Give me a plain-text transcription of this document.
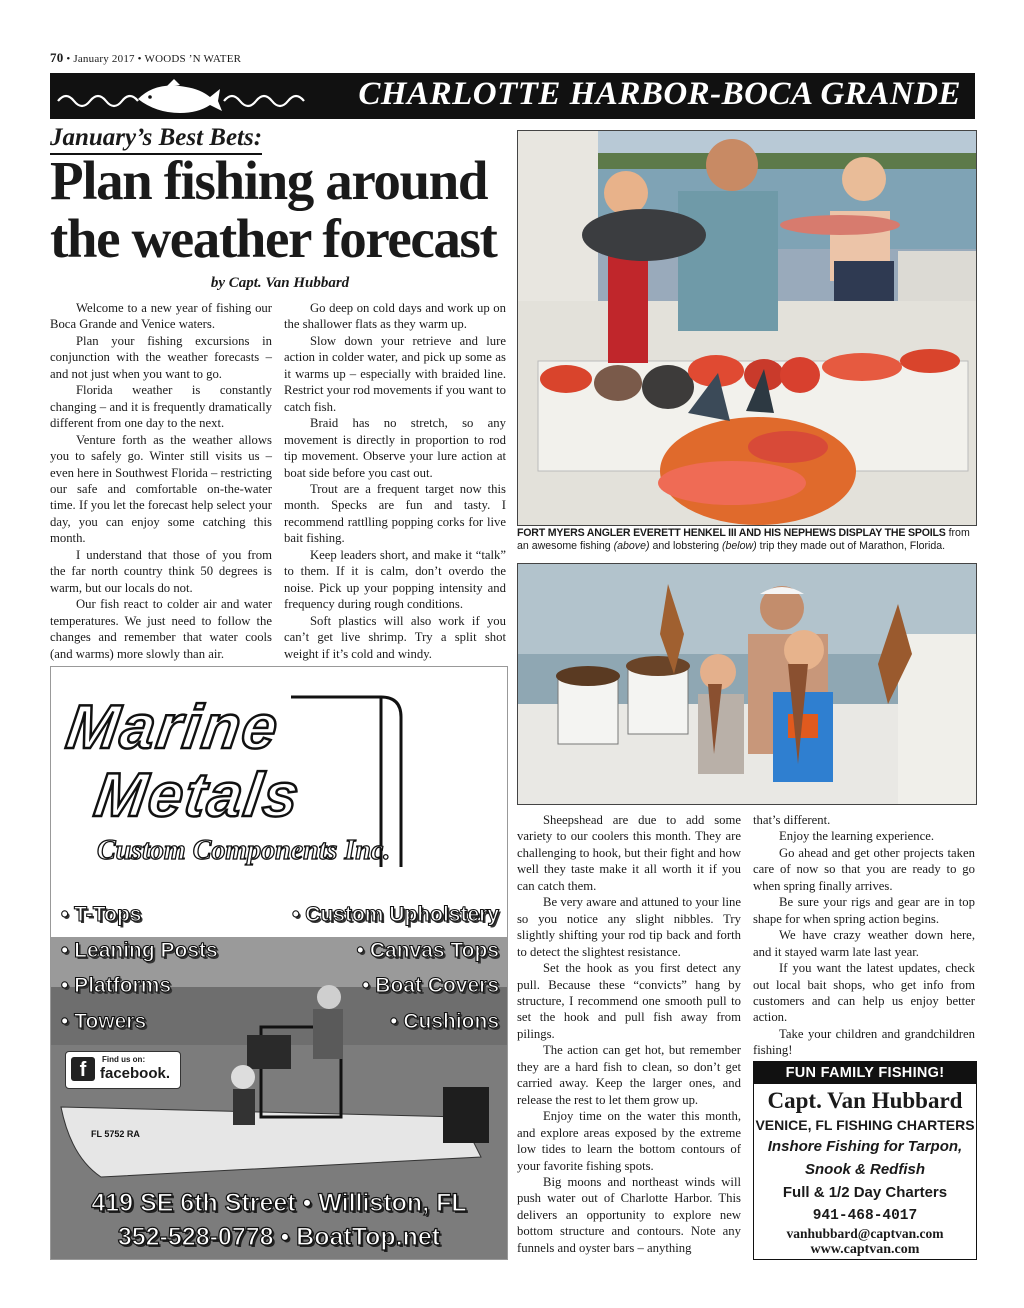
70 • January 2017 • WOODS ’N WATER
CHARLOTTE HARBOR-BOCA GRANDE
January’s Best Bets:
Plan fishing around
the weather forecast
by Capt. Van Hubbard

Welcome to a new year of fishing our Boca Grande and Venice waters.

Plan your fishing excursions in conjunction with the weather forecasts – and not just when you want to go.

Florida weather is constantly changing – and it is frequently dramatically different from one day to the next.

Venture forth as the weather allows you to safely go. Winter still visits us – even here in Southwest Florida – restricting our safe and comfortable on-the-water time. If you let the forecast help select your day, you can enjoy some catching this month.

I understand that those of you from the far north country think 50 degrees is warm, but our locals do not.

Our fish react to colder air and water temperatures. We just need to follow the changes and remember that water cools (and warms) more slowly than air.

Go deep on cold days and work up on the shallower flats as they warm up.

Slow down your retrieve and lure action in colder water, and pick up some as it warms up – especially with braided line. Restrict your rod movements if you want to catch fish.

Braid has no stretch, so any movement is directly in proportion to rod tip movement. Observe your lure action at boat side before you cast out.

Trout are a frequent target now this month. Specks are fun and tasty. I recommend rattlling popping corks for live bait fishing.

Keep leaders short, and make it “talk” to them. If it is calm, don’t overdo the noise. Pick up your popping intensity and frequency during rough conditions.

Soft plastics will also work if you can’t get live shrimp. Try a split shot weight if it’s cold and windy.

FORT MYERS ANGLER EVERETT HENKEL III AND HIS NEPHEWS DISPLAY THE SPOILS from an awesome fishing (above) and lobstering (below) trip they made out of Marathon, Florida.

Sheepshead are due to add some variety to our coolers this month. They are challenging to hook, but their fight and how well they taste make it all worth it if you can catch them.

Be very aware and attuned to your line so you notice any slight nibbles. Try slightly shifting your rod tip back and forth to detect the slightest resistance.

Set the hook as you first detect any pull. Because these “convicts” hang by structure, I recommend one smooth pull to set the hook and pull fish away from pilings.

The action can get hot, but remember they are a hard fish to clean, so don’t get carried away. Keep the larger ones, and release the rest to let them grow up.

Enjoy time on the water this month, and explore areas exposed by the extreme low tides to learn the bottom contours of your favorite fishing spots.

Big moons and northeast winds will push water out of Charlotte Harbor. This delivers an opportunity to explore new bottom structure and contours. Note any funnels and oyster bars – anything

that’s different.

Enjoy the learning experience.

Go ahead and get other projects taken care of now so that you are ready to go when spring finally arrives.

Be sure your rigs and gear are in top shape for when spring action begins.

We have crazy weather down here, and it stayed warm late last year.

If you want the latest updates, check out local bait shops, who get info from customers and can help us enjoy better action.

Take your children and grandchildren fishing!

Marine
Metals
Custom Components Inc.
• T-Tops	• Custom Upholstery
• Leaning Posts	• Canvas Tops
• Platforms	• Boat Covers
• Towers	• Cushions
f	Find us on:
facebook.
FL 5752 RA
419 SE 6th Street • Williston, FL
352-528-0778 • BoatTop.net
FUN FAMILY FISHING!
Capt. Van Hubbard
VENICE, FL FISHING CHARTERS
Inshore Fishing for Tarpon,
Snook & Redfish
Full & 1/2 Day Charters
941-468-4017
vanhubbard@captvan.com
www.captvan.com
